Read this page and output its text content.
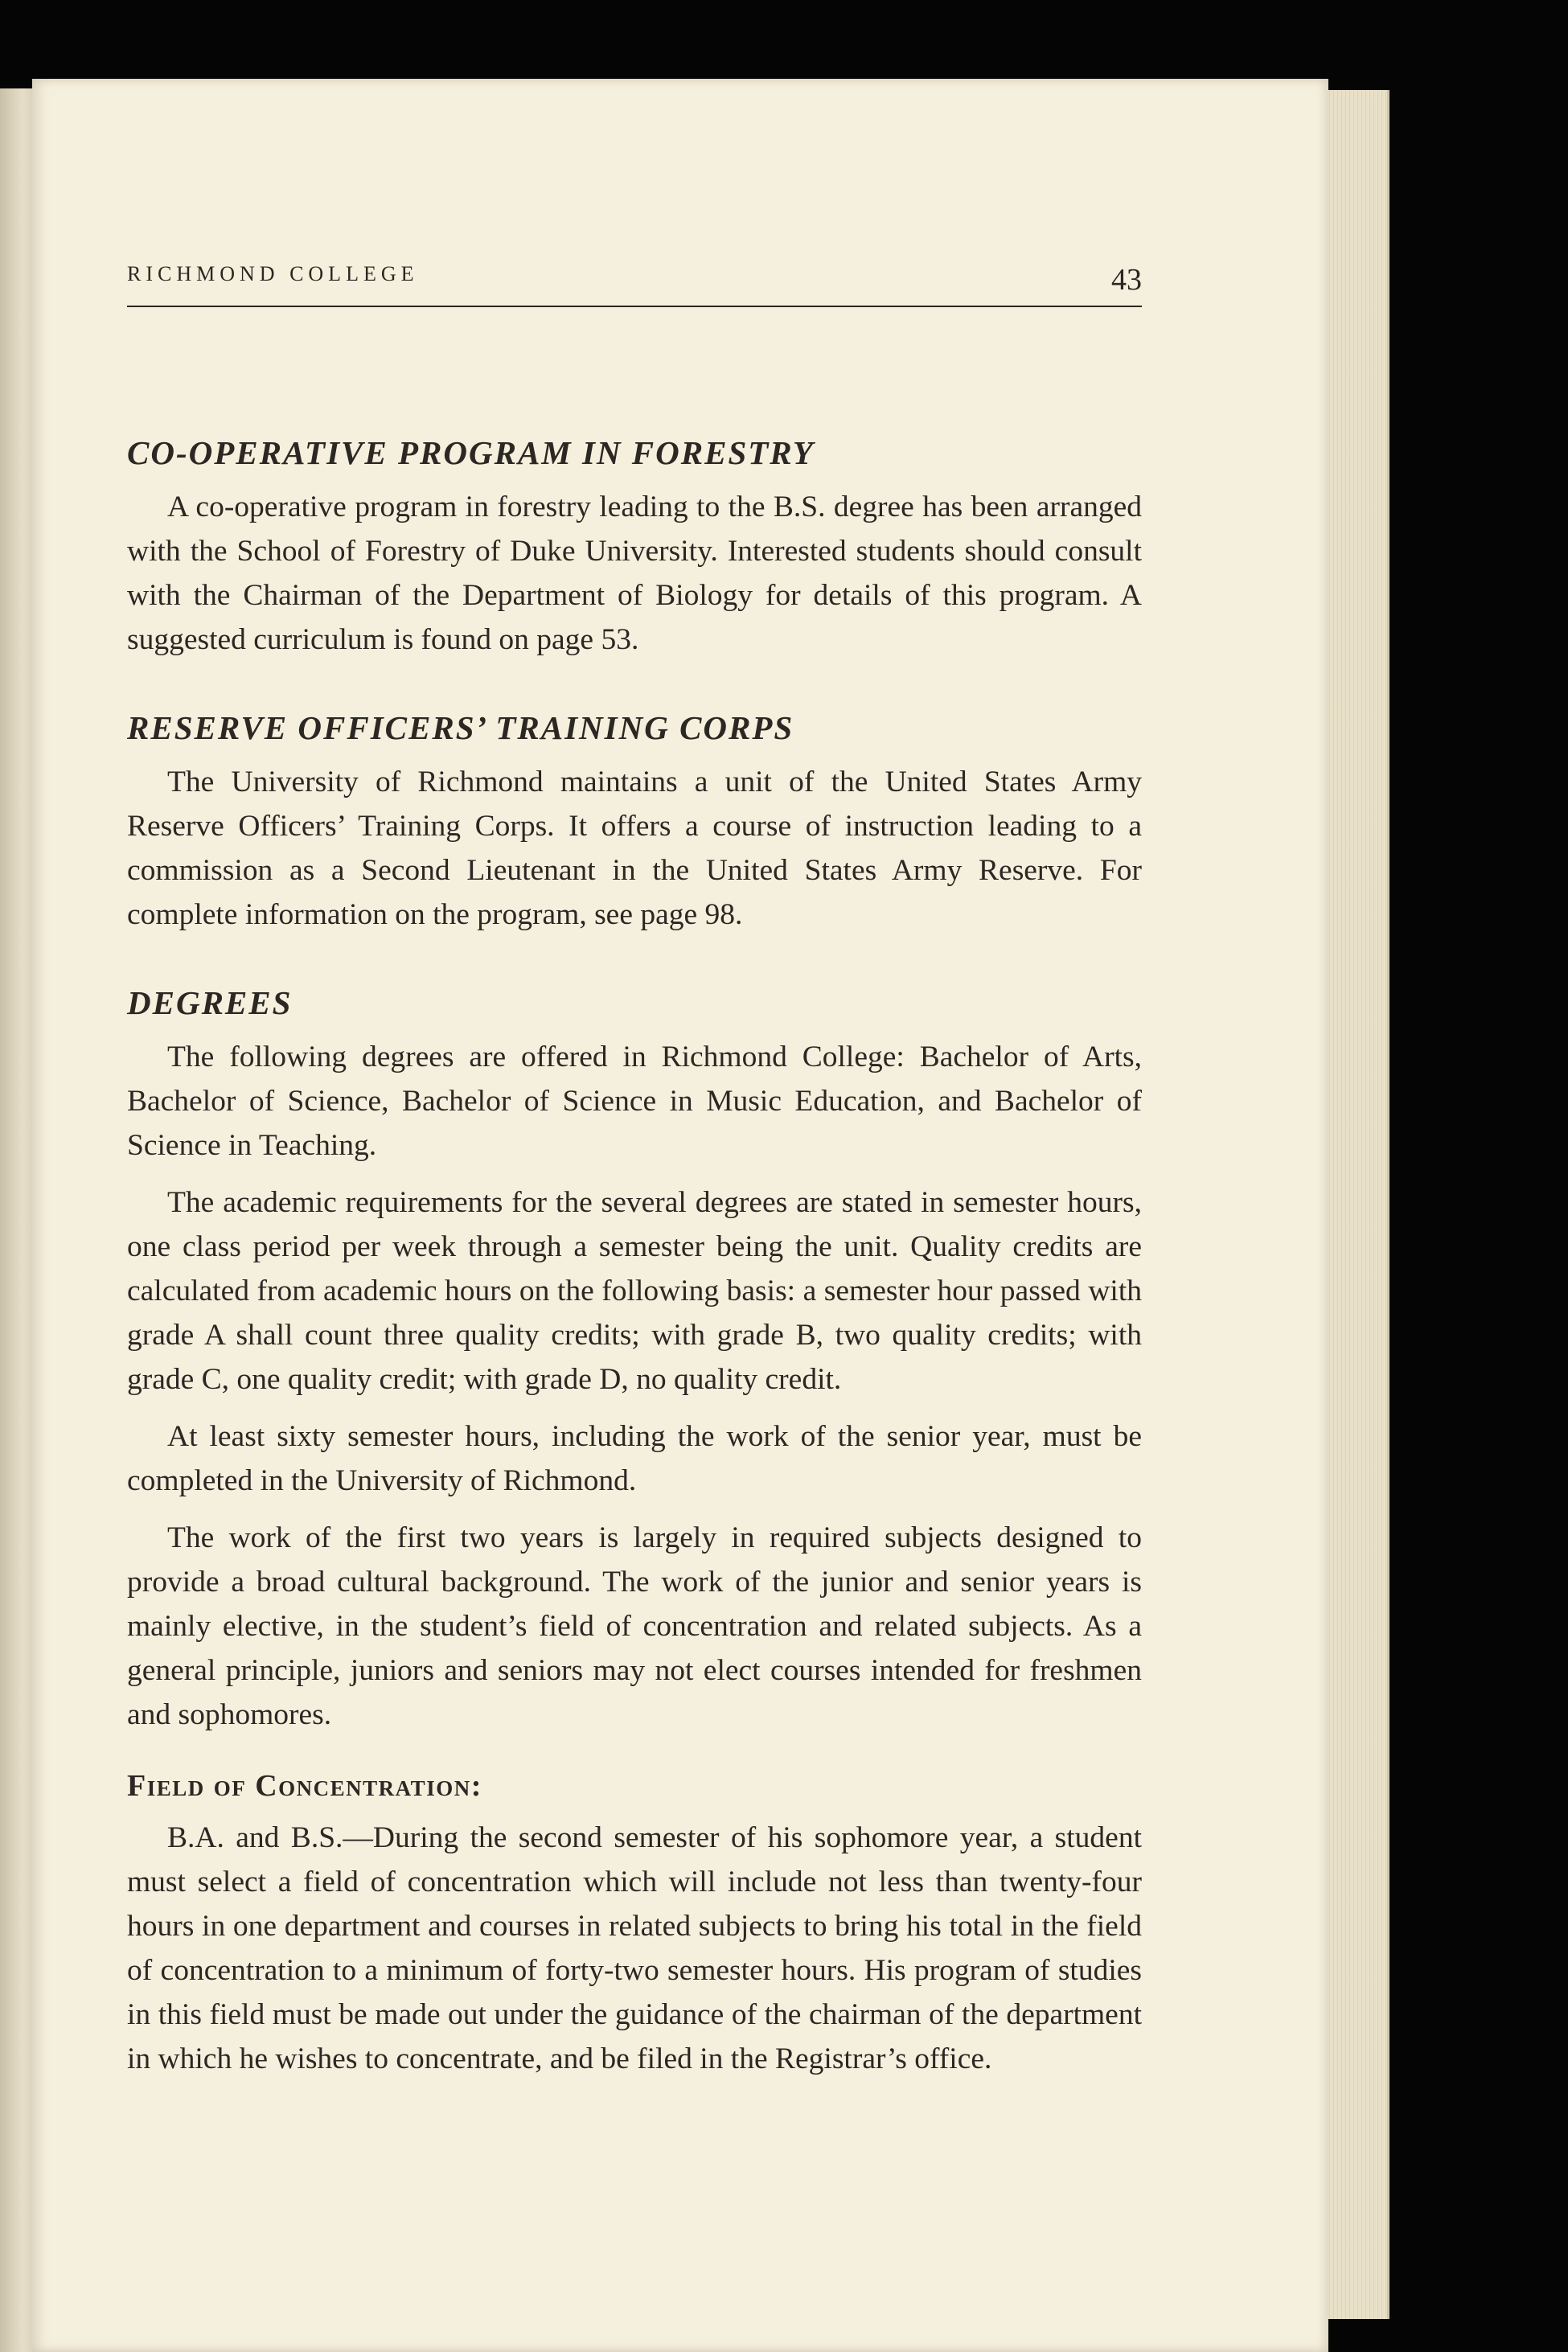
RICHMOND COLLEGE	43
CO-OPERATIVE PROGRAM IN FORESTRY

A co-operative program in forestry leading to the B.S. degree has been arranged with the School of Forestry of Duke University. Interested students should consult with the Chairman of the Department of Biology for details of this program. A suggested curriculum is found on page 53.

RESERVE OFFICERS’ TRAINING CORPS

The University of Richmond maintains a unit of the United States Army Reserve Officers’ Training Corps. It offers a course of instruction leading to a commission as a Second Lieutenant in the United States Army Reserve. For complete information on the program, see page 98.

DEGREES

The following degrees are offered in Richmond College: Bachelor of Arts, Bachelor of Science, Bachelor of Science in Music Education, and Bachelor of Science in Teaching.

The academic requirements for the several degrees are stated in semester hours, one class period per week through a semester being the unit. Quality credits are calculated from academic hours on the following basis: a semester hour passed with grade A shall count three quality credits; with grade B, two quality credits; with grade C, one quality credit; with grade D, no quality credit.

At least sixty semester hours, including the work of the senior year, must be completed in the University of Richmond.

The work of the first two years is largely in required subjects designed to provide a broad cultural background. The work of the junior and senior years is mainly elective, in the student’s field of concentration and related subjects. As a general principle, juniors and seniors may not elect courses intended for freshmen and sophomores.

Field of Concentration:

B.A. and B.S.—During the second semester of his sophomore year, a student must select a field of concentration which will include not less than twenty-four hours in one department and courses in related subjects to bring his total in the field of concentration to a minimum of forty-two semester hours. His program of studies in this field must be made out under the guidance of the chairman of the department in which he wishes to concentrate, and be filed in the Registrar’s office.
